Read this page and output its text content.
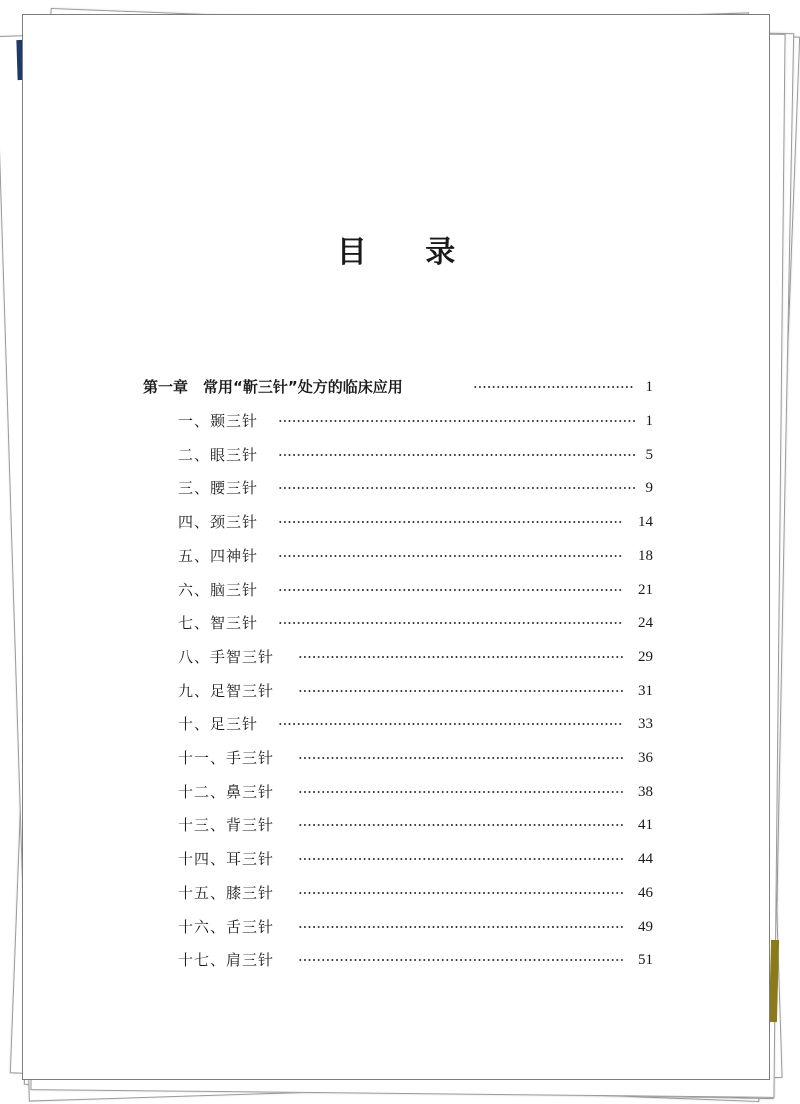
目 录
第一章　常用“靳三针”处方的临床应用	1
一、颞三针	1
二、眼三针	5
三、腰三针	9
四、颈三针	14
五、四神针	18
六、脑三针	21
七、智三针	24
八、手智三针	29
九、足智三针	31
十、足三针	33
十一、手三针	36
十二、鼻三针	38
十三、背三针	41
十四、耳三针	44
十五、膝三针	46
十六、舌三针	49
十七、肩三针	51
